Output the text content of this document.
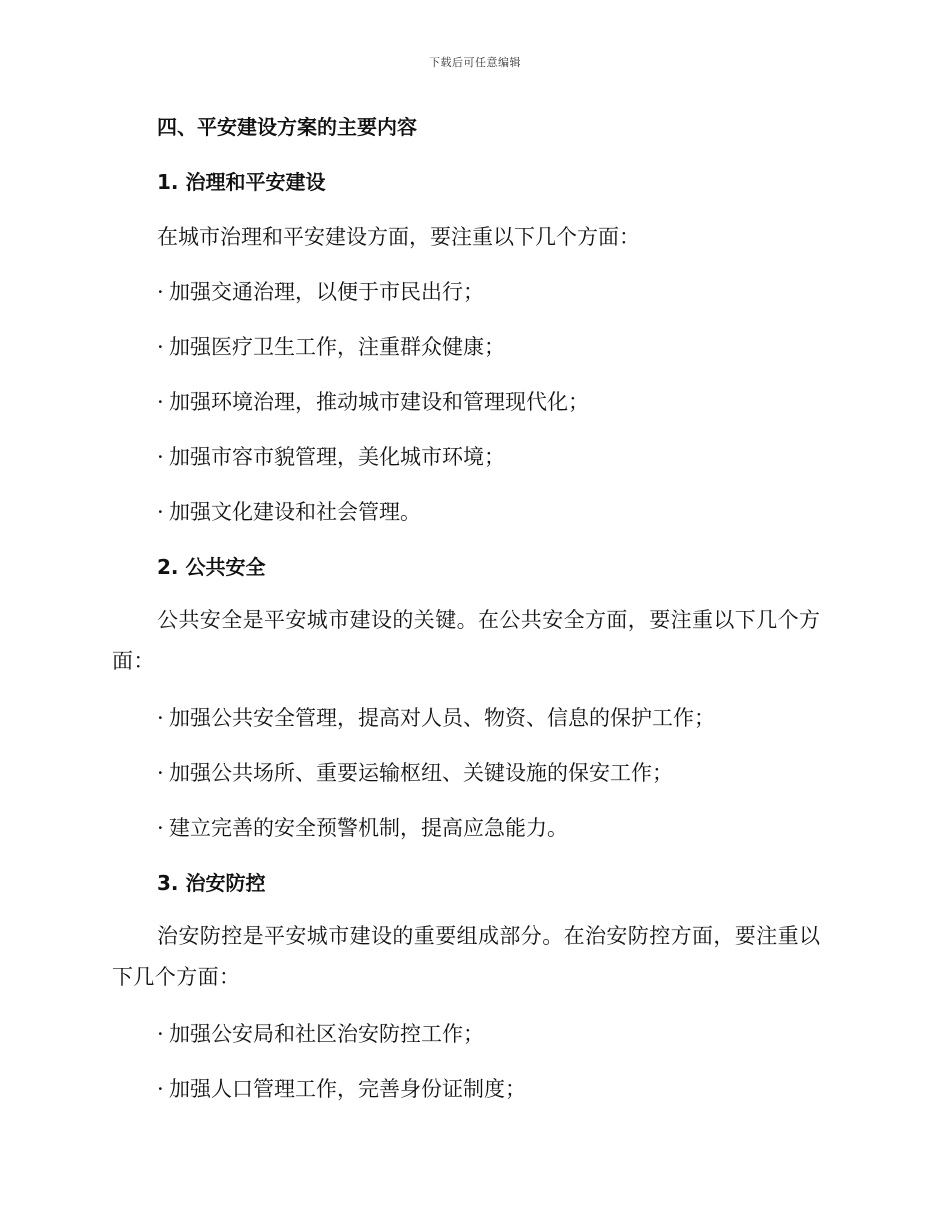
下载后可任意编辑
四、平安建设方案的主要内容
1. 治理和平安建设
在城市治理和平安建设方面，要注重以下几个方面：
· 加强交通治理，以便于市民出行；
· 加强医疗卫生工作，注重群众健康；
· 加强环境治理，推动城市建设和管理现代化；
· 加强市容市貌管理，美化城市环境；
· 加强文化建设和社会管理。
2. 公共安全
公共安全是平安城市建设的关键。在公共安全方面，要注重以下几个方面：
· 加强公共安全管理，提高对人员、物资、信息的保护工作；
· 加强公共场所、重要运输枢纽、关键设施的保安工作；
· 建立完善的安全预警机制，提高应急能力。
3. 治安防控
治安防控是平安城市建设的重要组成部分。在治安防控方面，要注重以下几个方面：
· 加强公安局和社区治安防控工作；
· 加强人口管理工作，完善身份证制度；
